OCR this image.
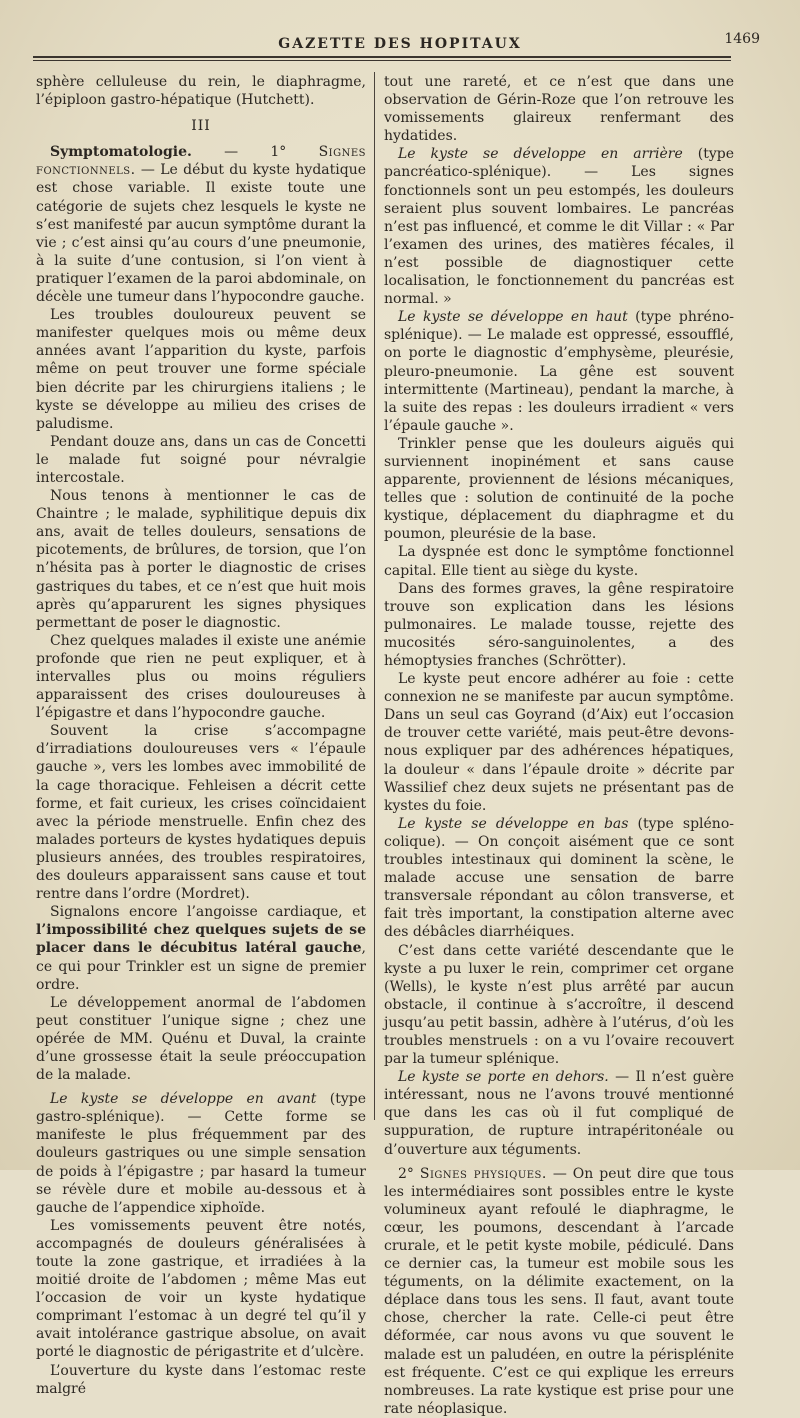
GAZETTE DES HOPITAUX	1469

sphère celluleuse du rein, le diaphragme, l’épiploon gastro-hépatique (Hutchett).

III

Symptomatologie. — 1° Signes fonctionnels. — Le début du kyste hydatique est chose variable. Il existe toute une catégorie de sujets chez lesquels le kyste ne s’est manifesté par aucun symptôme durant la vie ; c’est ainsi qu’au cours d’une pneumonie, à la suite d’une contusion, si l’on vient à pratiquer l’examen de la paroi abdominale, on décèle une tumeur dans l’hypocondre gauche.

Les troubles douloureux peuvent se manifester quelques mois ou même deux années avant l’apparition du kyste, parfois même on peut trouver une forme spéciale bien décrite par les chirurgiens italiens ; le kyste se développe au milieu des crises de paludisme.

Pendant douze ans, dans un cas de Concetti le malade fut soigné pour névralgie intercostale.

Nous tenons à mentionner le cas de Chaintre ; le malade, syphilitique depuis dix ans, avait de telles douleurs, sensations de picotements, de brûlures, de torsion, que l’on n’hésita pas à porter le diagnostic de crises gastriques du tabes, et ce n’est que huit mois après qu’apparurent les signes physiques permettant de poser le diagnostic.

Chez quelques malades il existe une anémie profonde que rien ne peut expliquer, et à intervalles plus ou moins réguliers apparaissent des crises douloureuses à l’épigastre et dans l’hypocondre gauche.

Souvent la crise s’accompagne d’irradiations douloureuses vers « l’épaule gauche », vers les lombes avec immobilité de la cage thoracique. Fehleisen a décrit cette forme, et fait curieux, les crises coïncidaient avec la période menstruelle. Enfin chez des malades porteurs de kystes hydatiques depuis plusieurs années, des troubles respiratoires, des douleurs apparaissent sans cause et tout rentre dans l’ordre (Mordret).

Signalons encore l’angoisse cardiaque, et l’impossibilité chez quelques sujets de se placer dans le décubitus latéral gauche, ce qui pour Trinkler est un signe de premier ordre.

Le développement anormal de l’abdomen peut constituer l’unique signe ; chez une opérée de MM. Quénu et Duval, la crainte d’une grossesse était la seule préoccupation de la malade.

Le kyste se développe en avant (type gastro-splénique). — Cette forme se manifeste le plus fréquemment par des douleurs gastriques ou une simple sensation de poids à l’épigastre ; par hasard la tumeur se révèle dure et mobile au-dessous et à gauche de l’appendice xiphoïde.

Les vomissements peuvent être notés, accompagnés de douleurs généralisées à toute la zone gastrique, et irradiées à la moitié droite de l’abdomen ; même Mas eut l’occasion de voir un kyste hydatique comprimant l’estomac à un degré tel qu’il y avait intolérance gastrique absolue, on avait porté le diagnostic de périgastrite et d’ulcère.

L’ouverture du kyste dans l’estomac reste malgré

tout une rareté, et ce n’est que dans une observation de Gérin-Roze que l’on retrouve les vomissements glaireux renfermant des hydatides.

Le kyste se développe en arrière (type pancréatico-splénique). — Les signes fonctionnels sont un peu estompés, les douleurs seraient plus souvent lombaires. Le pancréas n’est pas influencé, et comme le dit Villar : « Par l’examen des urines, des matières fécales, il n’est possible de diagnostiquer cette localisation, le fonctionnement du pancréas est normal. »

Le kyste se développe en haut (type phréno-splénique). — Le malade est oppressé, essoufflé, on porte le diagnostic d’emphysème, pleurésie, pleuro-pneumonie. La gêne est souvent intermittente (Martineau), pendant la marche, à la suite des repas : les douleurs irradient « vers l’épaule gauche ».

Trinkler pense que les douleurs aiguës qui surviennent inopinément et sans cause apparente, proviennent de lésions mécaniques, telles que : solution de continuité de la poche kystique, déplacement du diaphragme et du poumon, pleurésie de la base.

La dyspnée est donc le symptôme fonctionnel capital. Elle tient au siège du kyste.

Dans des formes graves, la gêne respiratoire trouve son explication dans les lésions pulmonaires. Le malade tousse, rejette des mucosités séro-sanguinolentes, a des hémoptysies franches (Schrötter).

Le kyste peut encore adhérer au foie : cette connexion ne se manifeste par aucun symptôme. Dans un seul cas Goyrand (d’Aix) eut l’occasion de trouver cette variété, mais peut-être devons-nous expliquer par des adhérences hépatiques, la douleur « dans l’épaule droite » décrite par Wassilief chez deux sujets ne présentant pas de kystes du foie.

Le kyste se développe en bas (type spléno-colique). — On conçoit aisément que ce sont troubles intestinaux qui dominent la scène, le malade accuse une sensation de barre transversale répondant au côlon transverse, et fait très important, la constipation alterne avec des débâcles diarrhéiques.

C’est dans cette variété descendante que le kyste a pu luxer le rein, comprimer cet organe (Wells), le kyste n’est plus arrêté par aucun obstacle, il continue à s’accroître, il descend jusqu’au petit bassin, adhère à l’utérus, d’où les troubles menstruels : on a vu l’ovaire recouvert par la tumeur splénique.

Le kyste se porte en dehors. — Il n’est guère intéressant, nous ne l’avons trouvé mentionné que dans les cas où il fut compliqué de suppuration, de rupture intrapéritonéale ou d’ouverture aux téguments.

2° Signes physiques. — On peut dire que tous les intermédiaires sont possibles entre le kyste volumineux ayant refoulé le diaphragme, le cœur, les poumons, descendant à l’arcade crurale, et le petit kyste mobile, pédiculé. Dans ce dernier cas, la tumeur est mobile sous les téguments, on la délimite exactement, on la déplace dans tous les sens. Il faut, avant toute chose, chercher la rate. Celle-ci peut être déformée, car nous avons vu que souvent le malade est un paludéen, en outre la périsplénite est fréquente. C’est ce qui explique les erreurs nombreuses. La rate kystique est prise pour une rate néoplasique.
